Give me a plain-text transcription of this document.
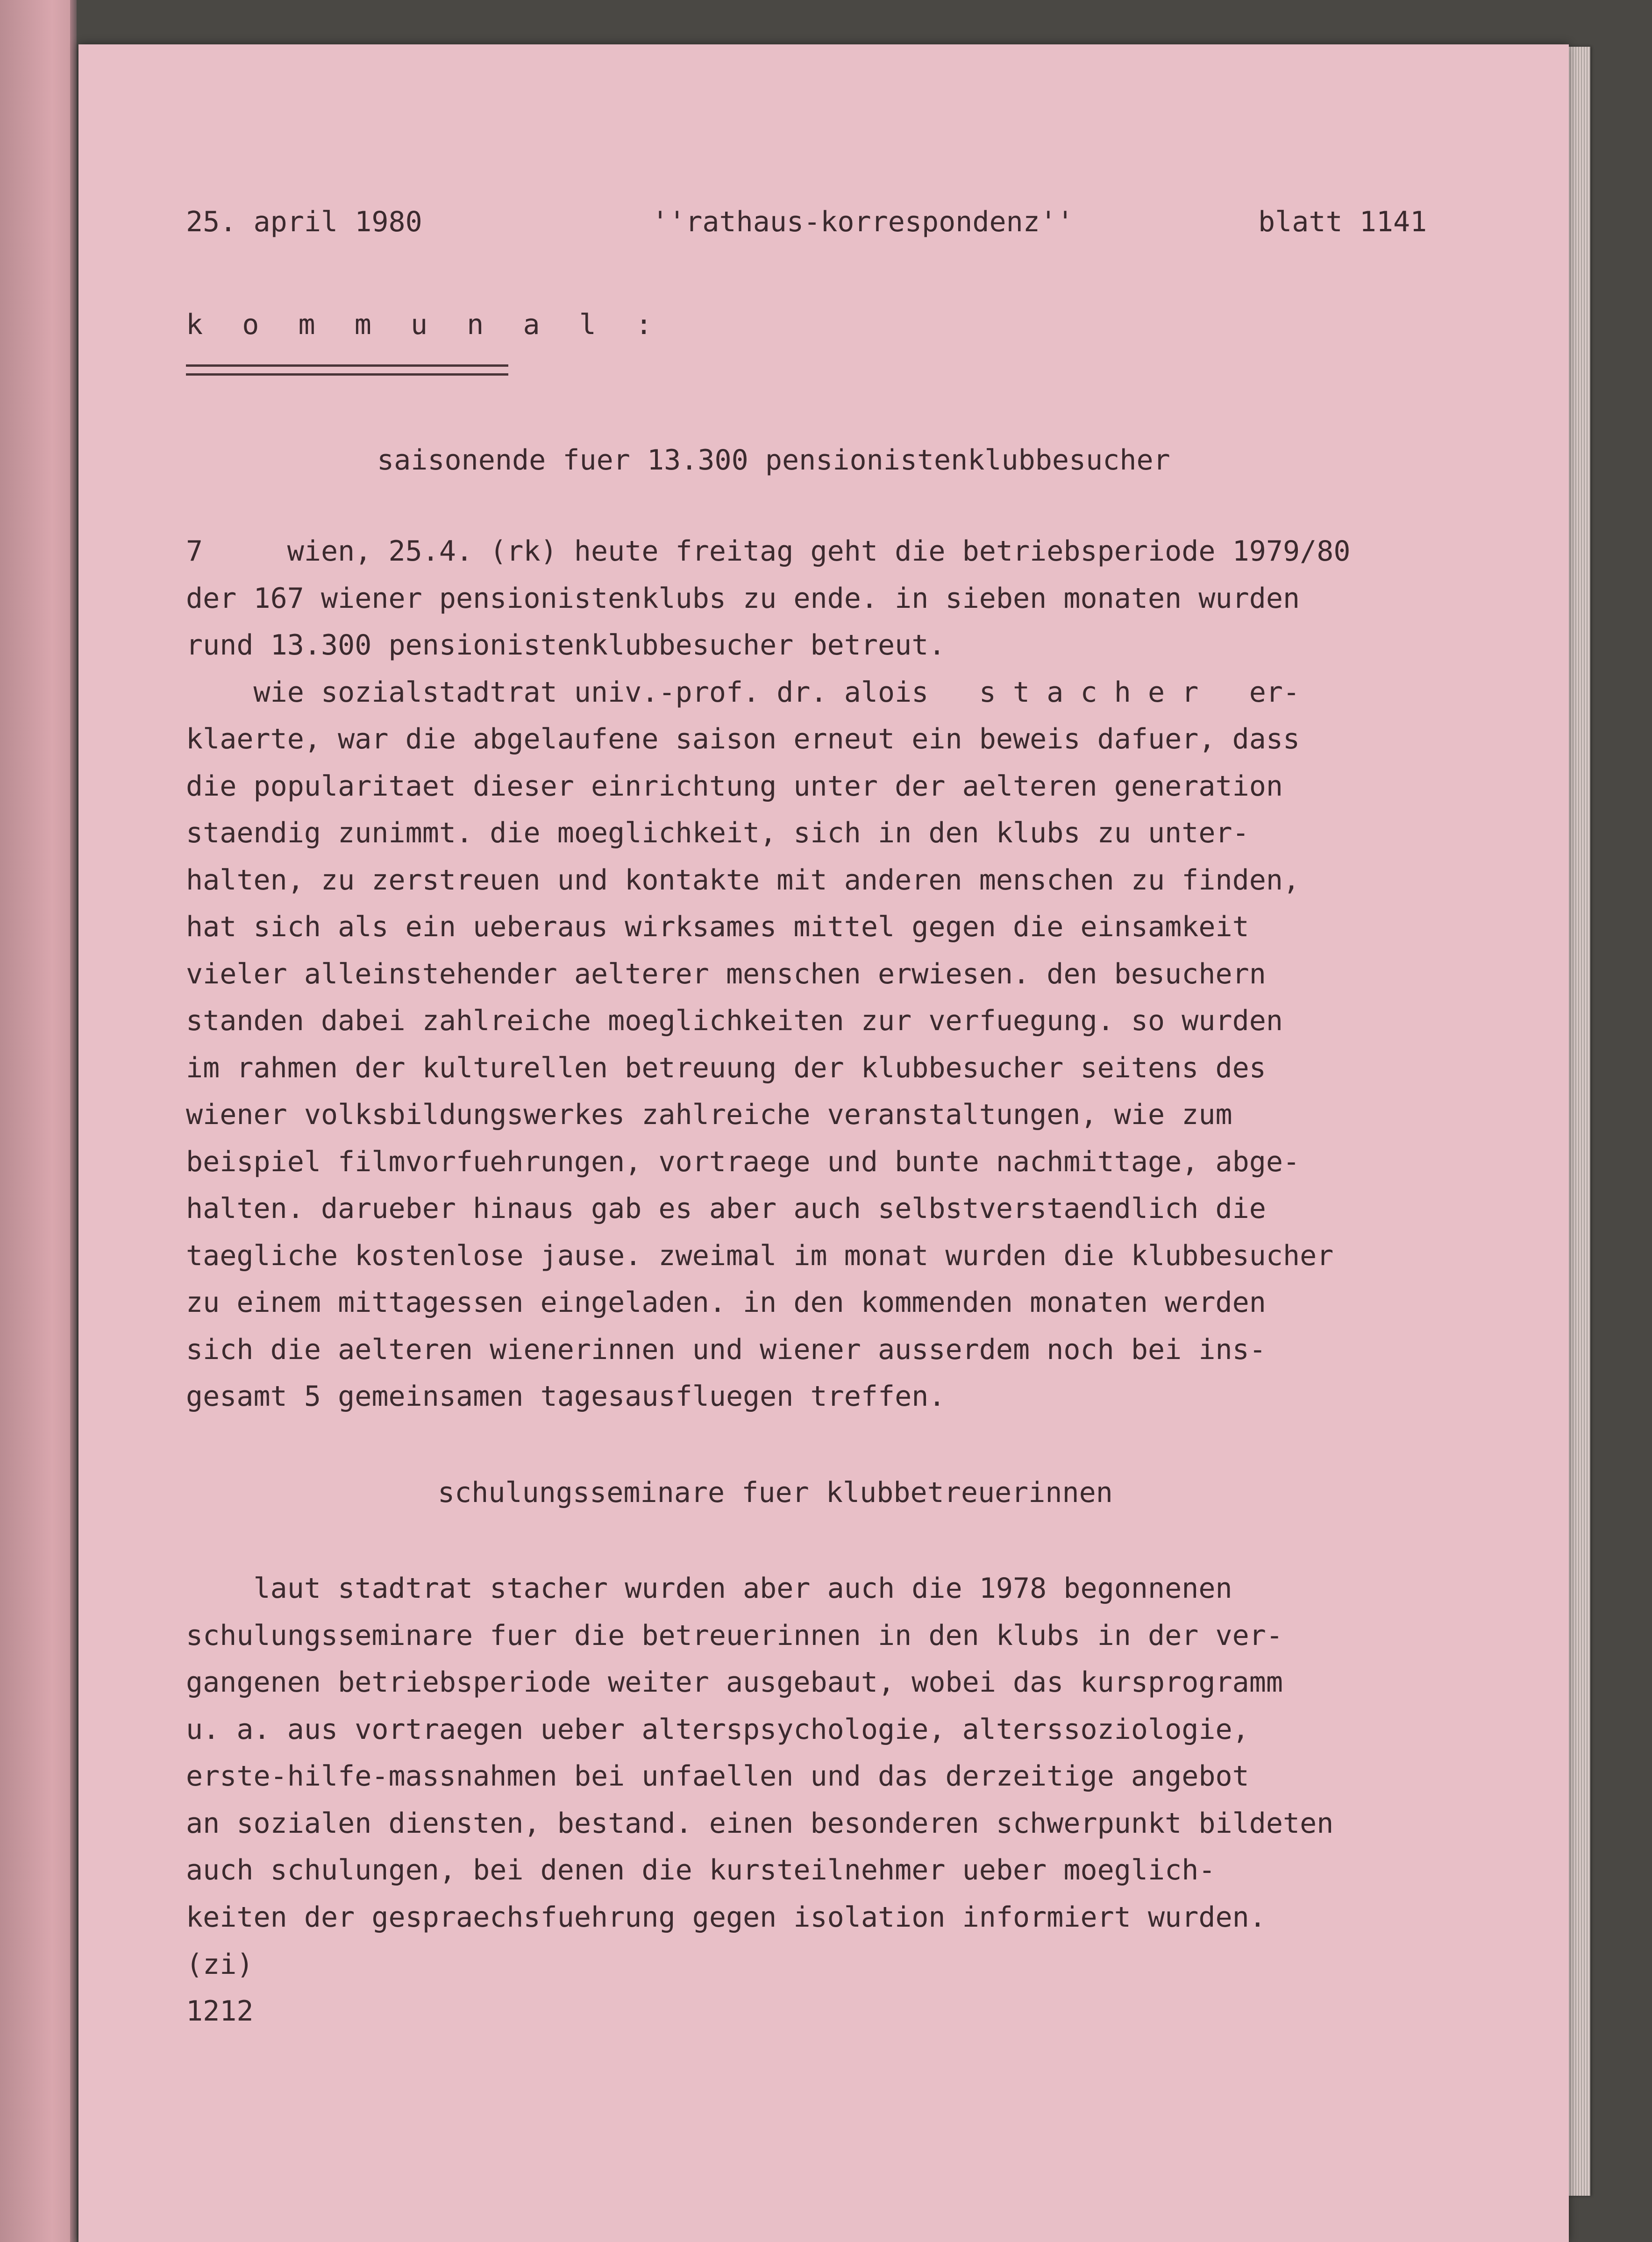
25. april 1980	''rathaus-korrespondenz''	blatt 1141
k o m m u n a l :
saisonende fuer 13.300 pensionistenklubbesucher
7     wien, 25.4. (rk) heute freitag geht die betriebsperiode 1979/80
der 167 wiener pensionistenklubs zu ende. in sieben monaten wurden
rund 13.300 pensionistenklubbesucher betreut.
wie sozialstadtrat univ.-prof. dr. alois   s t a c h e r   er-
klaerte, war die abgelaufene saison erneut ein beweis dafuer, dass
die popularitaet dieser einrichtung unter der aelteren generation
staendig zunimmt. die moeglichkeit, sich in den klubs zu unter-
halten, zu zerstreuen und kontakte mit anderen menschen zu finden,
hat sich als ein ueberaus wirksames mittel gegen die einsamkeit
vieler alleinstehender aelterer menschen erwiesen. den besuchern
standen dabei zahlreiche moeglichkeiten zur verfuegung. so wurden
im rahmen der kulturellen betreuung der klubbesucher seitens des
wiener volksbildungswerkes zahlreiche veranstaltungen, wie zum
beispiel filmvorfuehrungen, vortraege und bunte nachmittage, abge-
halten. darueber hinaus gab es aber auch selbstverstaendlich die
taegliche kostenlose jause. zweimal im monat wurden die klubbesucher
zu einem mittagessen eingeladen. in den kommenden monaten werden
sich die aelteren wienerinnen und wiener ausserdem noch bei ins-
gesamt 5 gemeinsamen tagesausfluegen treffen.
schulungsseminare fuer klubbetreuerinnen
laut stadtrat stacher wurden aber auch die 1978 begonnenen
schulungsseminare fuer die betreuerinnen in den klubs in der ver-
gangenen betriebsperiode weiter ausgebaut, wobei das kursprogramm
u. a. aus vortraegen ueber alterspsychologie, alterssoziologie,
erste-hilfe-massnahmen bei unfaellen und das derzeitige angebot
an sozialen diensten, bestand. einen besonderen schwerpunkt bildeten
auch schulungen, bei denen die kursteilnehmer ueber moeglich-
keiten der gespraechsfuehrung gegen isolation informiert wurden.
(zi)
1212
